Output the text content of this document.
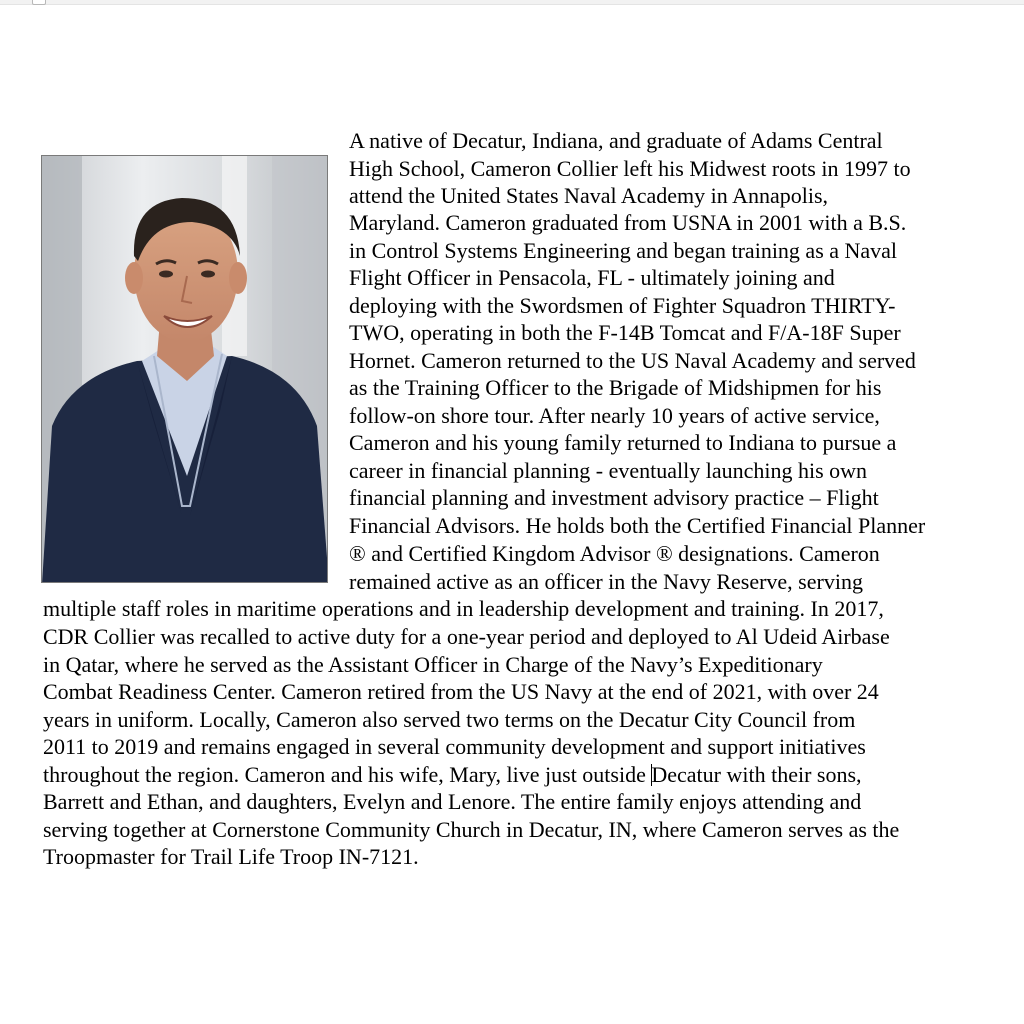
A native of Decatur, Indiana, and graduate of Adams Central
High School, Cameron Collier left his Midwest roots in 1997 to
attend the United States Naval Academy in Annapolis,
Maryland. Cameron graduated from USNA in 2001 with a B.S.
in Control Systems Engineering and began training as a Naval
Flight Officer in Pensacola, FL - ultimately joining and
deploying with the Swordsmen of Fighter Squadron THIRTY-
TWO, operating in both the F-14B Tomcat and F/A-18F Super
Hornet. Cameron returned to the US Naval Academy and served
as the Training Officer to the Brigade of Midshipmen for his
follow-on shore tour. After nearly 10 years of active service,
Cameron and his young family returned to Indiana to pursue a
career in financial planning - eventually launching his own
financial planning and investment advisory practice – Flight
Financial Advisors. He holds both the Certified Financial Planner
® and Certified Kingdom Advisor ® designations. Cameron
remained active as an officer in the Navy Reserve, serving
multiple staff roles in maritime operations and in leadership development and training. In 2017,
CDR Collier was recalled to active duty for a one-year period and deployed to Al Udeid Airbase
in Qatar, where he served as the Assistant Officer in Charge of the Navy’s Expeditionary
Combat Readiness Center. Cameron retired from the US Navy at the end of 2021, with over 24
years in uniform. Locally, Cameron also served two terms on the Decatur City Council from
2011 to 2019 and remains engaged in several community development and support initiatives
throughout the region. Cameron and his wife, Mary, live just outside Decatur with their sons,
Barrett and Ethan, and daughters, Evelyn and Lenore. The entire family enjoys attending and
serving together at Cornerstone Community Church in Decatur, IN, where Cameron serves as the
Troopmaster for Trail Life Troop IN-7121.
